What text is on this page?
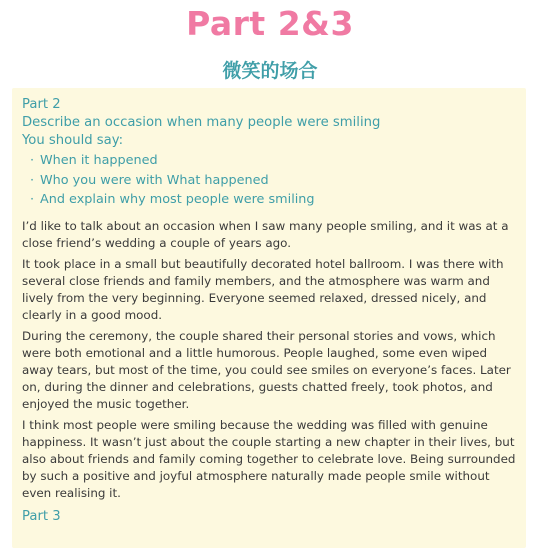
Part 2&3
微笑的场合
Part 2
Describe an occasion when many people were smiling
You should say:
· When it happened
· Who you were with What happened
· And explain why most people were smiling

I’d like to talk about an occasion when I saw many people smiling, and it was at a close friend’s wedding a couple of years ago.

It took place in a small but beautifully decorated hotel ballroom. I was there with several close friends and family members, and the atmosphere was warm and lively from the very beginning. Everyone seemed relaxed, dressed nicely, and clearly in a good mood.

During the ceremony, the couple shared their personal stories and vows, which were both emotional and a little humorous. People laughed, some even wiped away tears, but most of the time, you could see smiles on everyone’s faces. Later on, during the dinner and celebrations, guests chatted freely, took photos, and enjoyed the music together.

I think most people were smiling because the wedding was filled with genuine happiness. It wasn’t just about the couple starting a new chapter in their lives, but also about friends and family coming together to celebrate love. Being surrounded by such a positive and joyful atmosphere naturally made people smile without even realising it.

Part 3
